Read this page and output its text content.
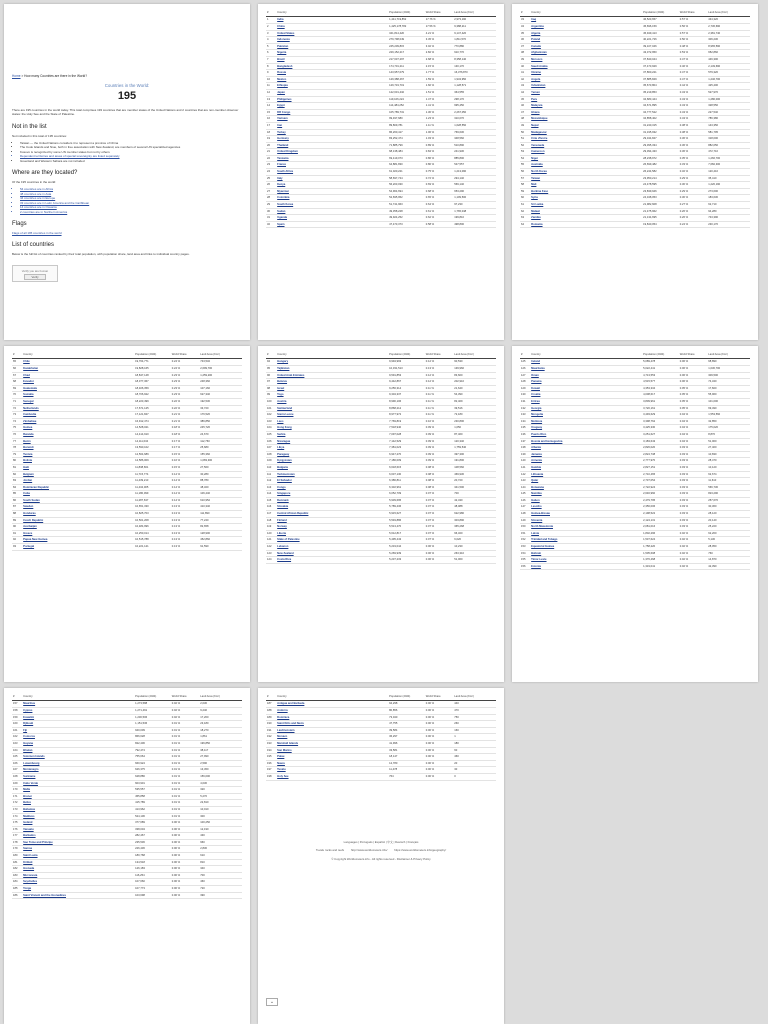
Home > How many Countries are there in the World?
Countries in the World:
195

There are 195 countries in the world today. This total comprises 193 countries that are member states of the United Nations and 2 countries that are non-member observer states: the Holy See and the State of Palestine.

Not in the list

Not included in this total of 195 countries:

• Taiwan — the United Nations considers it to represent a province of China
• The Cook Islands and Niue, both in free association with New Zealand, are members of several UN specialized agencies
• Kosovo is recognized by some UN member states but not by others
• Dependent territories and areas of special sovereignty are listed separately
• Greenland and Western Sahara are not included
Where are they located?

Of the 195 countries in the world:

• 54 countries are in Africa
• 48 countries are in Asia
• 44 countries are in Europe
• 33 countries are in Latin America and the Caribbean
• 14 countries are in Oceania
• 2 countries are in Northern America
Flags

Flags of all 195 countries in the world

List of countries

Below is the full list of countries ranked by their total population, with population share, land area and links to individual country pages.

Verify you are human
Verify
#	Country	Population (2024)	World Share	Land Area (Km²)
1	India	1,441,719,852	17.76 %	2,973,190
2	China	1,425,178,782	17.56 %	9,388,211
3	United States	341,814,420	4.21 %	9,147,420
4	Indonesia	279,798,049	3.45 %	1,811,570
5	Pakistan	245,209,815	3.02 %	770,880
6	Nigeria	229,152,217	2.82 %	910,770
7	Brazil	217,637,297	2.68 %	8,358,140
8	Bangladesh	174,701,211	2.15 %	130,170
9	Russia	143,957,079	1.77 %	16,376,870
10	Mexico	129,388,467	1.59 %	1,943,950
11	Ethiopia	129,719,719	1.60 %	1,128,571
12	Japan	122,631,432	1.51 %	364,555
13	Philippines	119,106,224	1.47 %	298,170
14	Egypt	114,484,252	1.41 %	995,450
15	DR Congo	105,789,731	1.30 %	2,267,050
16	Vietnam	99,497,680	1.23 %	310,070
17	Iran	89,809,781	1.11 %	1,628,550
18	Turkey	86,260,417	1.06 %	769,630
19	Germany	83,252,474	1.03 %	348,560
20	Thailand	71,885,799	0.89 %	510,890
21	United Kingdom	68,138,484	0.84 %	241,930
22	Tanzania	69,419,073	0.86 %	885,800
23	France	64,881,830	0.80 %	547,557
24	South Africa	61,020,221	0.75 %	1,213,090
25	Italy	58,697,744	0.72 %	294,140
26	Kenya	56,203,030	0.69 %	569,140
27	Myanmar	54,964,694	0.68 %	653,290
28	Colombia	52,695,952	0.65 %	1,109,500
29	South Korea	51,741,963	0.64 %	97,230
30	Sudan	49,358,228	0.61 %	1,765,048
31	Uganda	49,924,252	0.62 %	199,810
32	Spain	47,473,373	0.58 %	498,800
#	Country	Population (2024)	World Share	Land Area (Km²)
33	Iraq	46,523,657	0.57 %	434,320
34	Argentina	45,696,159	0.56 %	2,736,690
35	Algeria	45,949,413	0.57 %	2,381,740
36	Poland	40,221,726	0.50 %	306,230
37	Canada	39,107,046	0.48 %	8,965,590
38	Afghanistan	43,372,950	0.53 %	652,860
39	Morocco	37,840,044	0.47 %	446,300
40	Saudi Arabia	37,473,929	0.46 %	2,149,690
41	Ukraine	37,860,221	0.47 %	579,320
42	Angola	37,885,849	0.47 %	1,246,700
43	Uzbekistan	35,673,804	0.44 %	425,400
44	Yemen	35,219,853	0.43 %	527,970
45	Peru	34,683,444	0.43 %	1,280,000
46	Malaysia	34,671,895	0.43 %	328,550
47	Ghana	34,777,522	0.43 %	227,540
48	Mozambique	34,858,402	0.43 %	786,380
49	Nepal	31,240,315	0.38 %	143,350
50	Madagascar	31,195,932	0.38 %	581,795
51	Côte d'Ivoire	29,344,847	0.36 %	318,000
52	Venezuela	29,395,334	0.36 %	882,050
53	Cameroon	29,394,433	0.36 %	472,710
54	Niger	28,238,972	0.35 %	1,266,700
55	Australia	26,699,482	0.33 %	7,682,300
56	North Korea	26,244,582	0.32 %	120,410
57	Taiwan	23,950,214	0.29 %	35,410
58	Mali	24,478,595	0.30 %	1,220,190
59	Burkina Faso	23,839,946	0.29 %	273,600
60	Syria	24,348,053	0.30 %	183,630
61	Sri Lanka	21,982,608	0.27 %	62,710
62	Malawi	21,475,962	0.26 %	94,280
63	Zambia	21,134,695	0.26 %	743,390
64	Romania	19,840,054	0.24 %	230,170
#	Country	Population (2024)	World Share	Land Area (Km²)
65	Chile	19,764,771	0.24 %	743,532
66	Kazakhstan	19,828,165	0.24 %	2,699,700
67	Chad	18,847,148	0.23 %	1,259,200
68	Ecuador	18,377,367	0.23 %	248,360
69	Guatemala	18,406,359	0.23 %	107,160
70	Somalia	18,706,922	0.23 %	627,340
71	Senegal	18,223,499	0.22 %	192,530
72	Netherlands	17,671,125	0.22 %	33,720
73	Cambodia	17,121,847	0.21 %	176,520
74	Zimbabwe	16,912,474	0.21 %	386,850
75	Guinea	14,528,021	0.18 %	245,720
76	Rwanda	14,414,910	0.18 %	24,670
77	Benin	14,111,034	0.17 %	112,760
78	Burundi	13,590,102	0.17 %	25,680
79	Tunisia	12,564,689	0.15 %	155,360
80	Bolivia	12,586,009	0.16 %	1,083,300
81	Haiti	11,838,661	0.15 %	27,560
82	Belgium	11,715,774	0.14 %	30,280
83	Jordan	11,439,213	0.14 %	88,780
84	Dominican Republic	11,434,005	0.14 %	48,320
85	Cuba	11,180,099	0.14 %	106,440
86	South Sudan	11,287,637	0.14 %	610,952
87	Sweden	10,651,330	0.13 %	410,340
88	Honduras	10,825,703	0.13 %	111,890
89	Czech Republic	10,501,208	0.13 %	77,240
90	Azerbaijan	10,484,996	0.13 %	82,658
91	Greece	10,250,014	0.13 %	128,900
92	Papua New Guinea	10,515,788	0.13 %	452,860
93	Portugal	10,221,121	0.13 %	91,590
#	Country	Population (2024)	World Share	Land Area (Km²)
94	Hungary	9,994,993	0.12 %	90,530
95	Tajikistan	10,331,513	0.13 %	139,960
96	United Arab Emirates	9,591,853	0.12 %	83,600
97	Belarus	9,442,867	0.12 %	202,910
98	Israel	9,256,314	0.11 %	21,640
99	Togo	9,304,337	0.11 %	54,390
100	Austria	8,990,106	0.11 %	82,409
101	Switzerland	8,868,212	0.11 %	39,516
102	Sierra Leone	8,977,972	0.11 %	72,180
103	Laos	7,769,819	0.10 %	230,800
104	Hong Kong	7,518,940	0.09 %	1,050
105	Serbia	7,097,028	0.09 %	87,460
106	Nicaragua	7,142,529	0.09 %	120,340
107	Libya	7,381,023	0.09 %	1,759,540
108	Paraguay	6,947,270	0.09 %	397,300
109	Kyrgyzstan	7,186,009	0.09 %	191,800
110	Bulgaria	6,618,615	0.08 %	108,560
111	Turkmenistan	6,637,130	0.08 %	469,930
112	El Salvador	6,386,811	0.08 %	20,720
113	Congo	6,332,961	0.08 %	341,500
114	Singapore	6,052,709	0.07 %	700
115	Denmark	5,939,695	0.07 %	42,430
116	Slovakia	5,789,436	0.07 %	48,088
117	Central African Republic	5,915,627	0.07 %	622,980
118	Finland	5,549,886	0.07 %	303,890
119	Norway	5,513,470	0.07 %	365,268
120	Liberia	5,612,817	0.07 %	96,320
121	State of Palestine	5,495,443	0.07 %	6,020
122	Lebanon	5,219,044	0.06 %	10,230
123	New Zealand	5,269,939	0.06 %	263,310
124	Costa Rica	5,237,233	0.06 %	51,060
#	Country	Population (2024)	World Share	Land Area (Km²)
125	Ireland	5,089,478	0.06 %	68,890
126	Mauritania	5,022,441	0.06 %	1,030,700
127	Oman	4,713,553	0.06 %	309,500
128	Panama	4,515,577	0.06 %	74,340
129	Kuwait	4,353,334	0.05 %	17,820
130	Croatia	4,008,617	0.05 %	55,960
131	Eritrea	3,809,961	0.05 %	101,000
132	Georgia	3,720,161	0.05 %	69,490
133	Mongolia	3,493,629	0.04 %	1,553,560
134	Moldova	3,398,762	0.04 %	32,850
135	Uruguay	3,425,330	0.04 %	175,020
136	Puerto Rico	3,251,627	0.04 %	8,870
137	Bosnia and Herzegovina	3,183,643	0.04 %	51,000
138	Albania	2,826,020	0.03 %	27,400
139	Jamaica	2,824,738	0.03 %	10,830
140	Armenia	2,777,970	0.03 %	28,470
141	Gambia	2,827,151	0.03 %	10,120
142	Lithuania	2,710,465	0.03 %	62,674
143	Qatar	2,737,054	0.03 %	11,610
144	Botswana	2,722,924	0.03 %	566,730
145	Namibia	2,646,960	0.03 %	823,290
146	Gabon	2,479,795	0.03 %	257,670
147	Lesotho	2,356,006	0.03 %	30,360
148	Guinea-Bissau	2,198,522	0.03 %	28,120
149	Slovenia	2,124,131	0.03 %	20,140
150	North Macedonia	2,081,016	0.03 %	25,220
151	Latvia	1,802,296	0.02 %	62,200
152	Trinidad and Tobago	1,537,624	0.02 %	5,130
153	Equatorial Guinea	1,758,220	0.02 %	28,050
154	Bahrain	1,505,608	0.02 %	760
155	Timor-Leste	1,376,468	0.02 %	14,870
156	Estonia	1,319,041	0.02 %	42,390
#	Country	Population (2024)	World Share	Land Area (Km²)
157	Mauritius	1,273,588	0.02 %	2,030
158	Cyprus	1,271,491	0.02 %	9,240
159	Eswatini	1,230,506	0.02 %	17,200
160	Djibouti	1,151,536	0.01 %	23,180
161	Fiji	940,009	0.01 %	18,270
162	Comoros	866,628	0.01 %	1,861
163	Guyana	822,406	0.01 %	196,850
164	Bhutan	792,474	0.01 %	38,117
165	Solomon Islands	755,664	0.01 %	27,990
166	Luxembourg	660,924	0.01 %	2,590
167	Montenegro	626,375	0.01 %	13,450
168	Suriname	628,886	0.01 %	156,000
169	Cabo Verde	603,901	0.01 %	4,030
170	Malta	535,557	0.01 %	320
171	Brunei	455,858	0.01 %	5,270
172	Belize	415,789	0.01 %	22,810
173	Bahamas	413,962	0.01 %	10,010
174	Maldives	524,106	0.01 %	300
175	Iceland	377,689	0.00 %	100,250
176	Vanuatu	338,004	0.00 %	12,190
177	Barbados	282,467	0.00 %	430
178	Sao Tome and Principe	235,536	0.00 %	960
179	Samoa	226,436	0.00 %	2,830
180	Saint Lucia	180,768	0.00 %	610
181	Kiribati	134,518	0.00 %	810
182	Grenada	126,183	0.00 %	340
183	Micronesia	116,254	0.00 %	700
184	Seychelles	107,660	0.00 %	460
185	Tonga	107,773	0.00 %	720
186	Saint Vincent and the Grenadines	103,698	0.00 %	390
#	Country	Population (2024)	World Share	Land Area (Km²)
187	Antigua and Barbuda	94,298	0.00 %	440
188	Andorra	80,856	0.00 %	470
189	Dominica	73,040	0.00 %	750
190	Saint Kitts and Nevis	47,755	0.00 %	260
191	Liechtenstein	39,584	0.00 %	160
192	Monaco	36,297	0.00 %	1
193	Marshall Islands	41,996	0.00 %	180
194	San Marino	33,581	0.00 %	60
195	Palau	18,147	0.00 %	460
196	Nauru	12,780	0.00 %	20
197	Tuvalu	11,478	0.00 %	30
198	Holy See	764	0.00 %	0
Languages | Português | Español | 中文 | Deutsch | Français
Tuvalu rocks and reefs http://www.worldometers.info/ https://www.worldometers.info/geography/
© Copyright Worldometers.info - All rights reserved - Disclaimer & Privacy Policy
⌄
